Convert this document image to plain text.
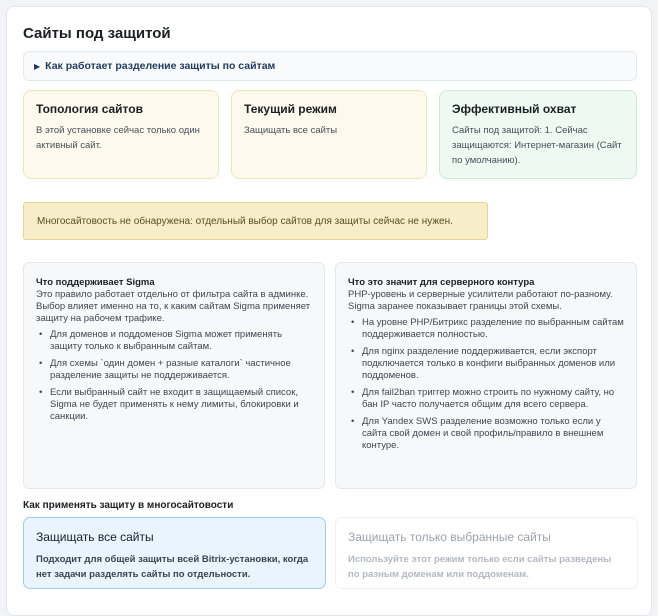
Сайты под защитой
▶ Как работает разделение защиты по сайтам
Топология сайтов
В этой установке сейчас только один активный сайт.
Текущий режим
Защищать все сайты
Эффективный охват
Сайты под защитой: 1. Сейчас защищаются: Интернет-магазин (Сайт по умолчанию).
Многосайтовость не обнаружена: отдельный выбор сайтов для защиты сейчас не нужен.
Что поддерживает Sigma
Это правило работает отдельно от фильтра сайта в админке. Выбор влияет именно на то, к каким сайтам Sigma применяет защиту на рабочем трафике.
• Для доменов и поддоменов Sigma может применять защиту только к выбранным сайтам.
• Для схемы `один домен + разные каталоги` частичное разделение защиты не поддерживается.
• Если выбранный сайт не входит в защищаемый список, Sigma не будет применять к нему лимиты, блокировки и санкции.
Что это значит для серверного контура
PHP-уровень и серверные усилители работают по-разному. Sigma заранее показывает границы этой схемы.
• На уровне PHP/Битрикс разделение по выбранным сайтам поддерживается полностью.
• Для nginx разделение поддерживается, если экспорт подключается только в конфиги выбранных доменов или поддоменов.
• Для fail2ban триггер можно строить по нужному сайту, но бан IP часто получается общим для всего сервера.
• Для Yandex SWS разделение возможно только если у сайта свой домен и свой профиль/правило в внешнем контуре.
Как применять защиту в многосайтовости
Защищать все сайты
Подходит для общей защиты всей Bitrix-установки, когда нет задачи разделять сайты по отдельности.
Защищать только выбранные сайты
Используйте этот режим только если сайты разведены по разным доменам или поддоменам.
